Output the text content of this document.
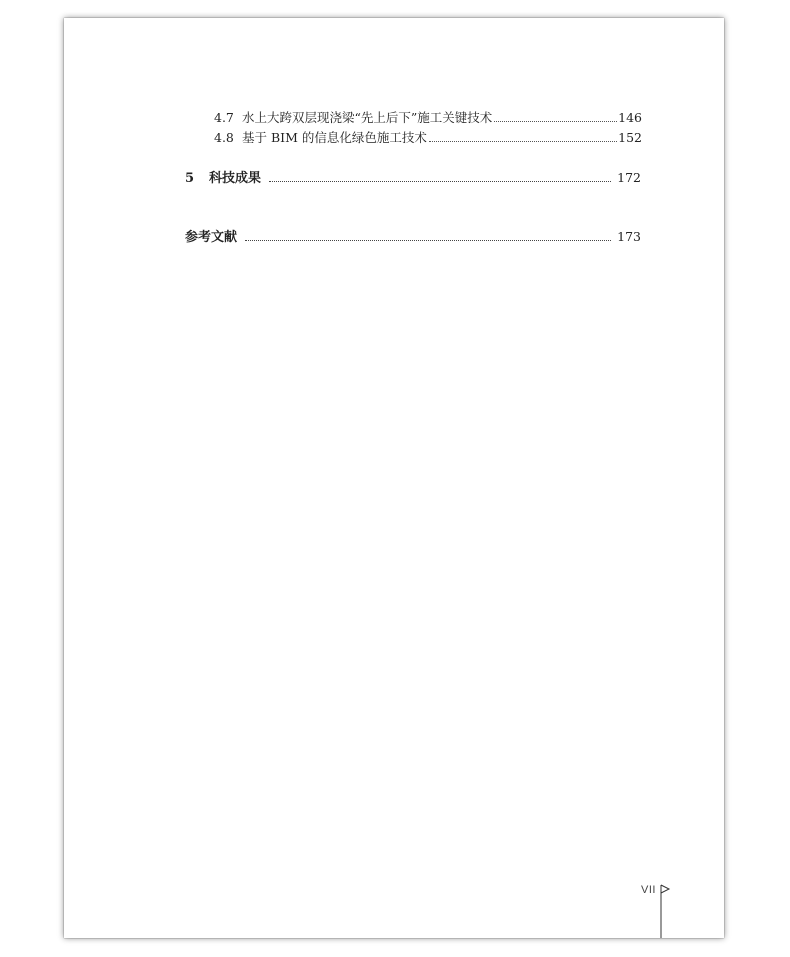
4.7 水上大跨双层现浇梁“先上后下”施工关键技术	146
4.8 基于 BIM 的信息化绿色施工技术	152
5	科技成果	172
参考文献	173
VII
